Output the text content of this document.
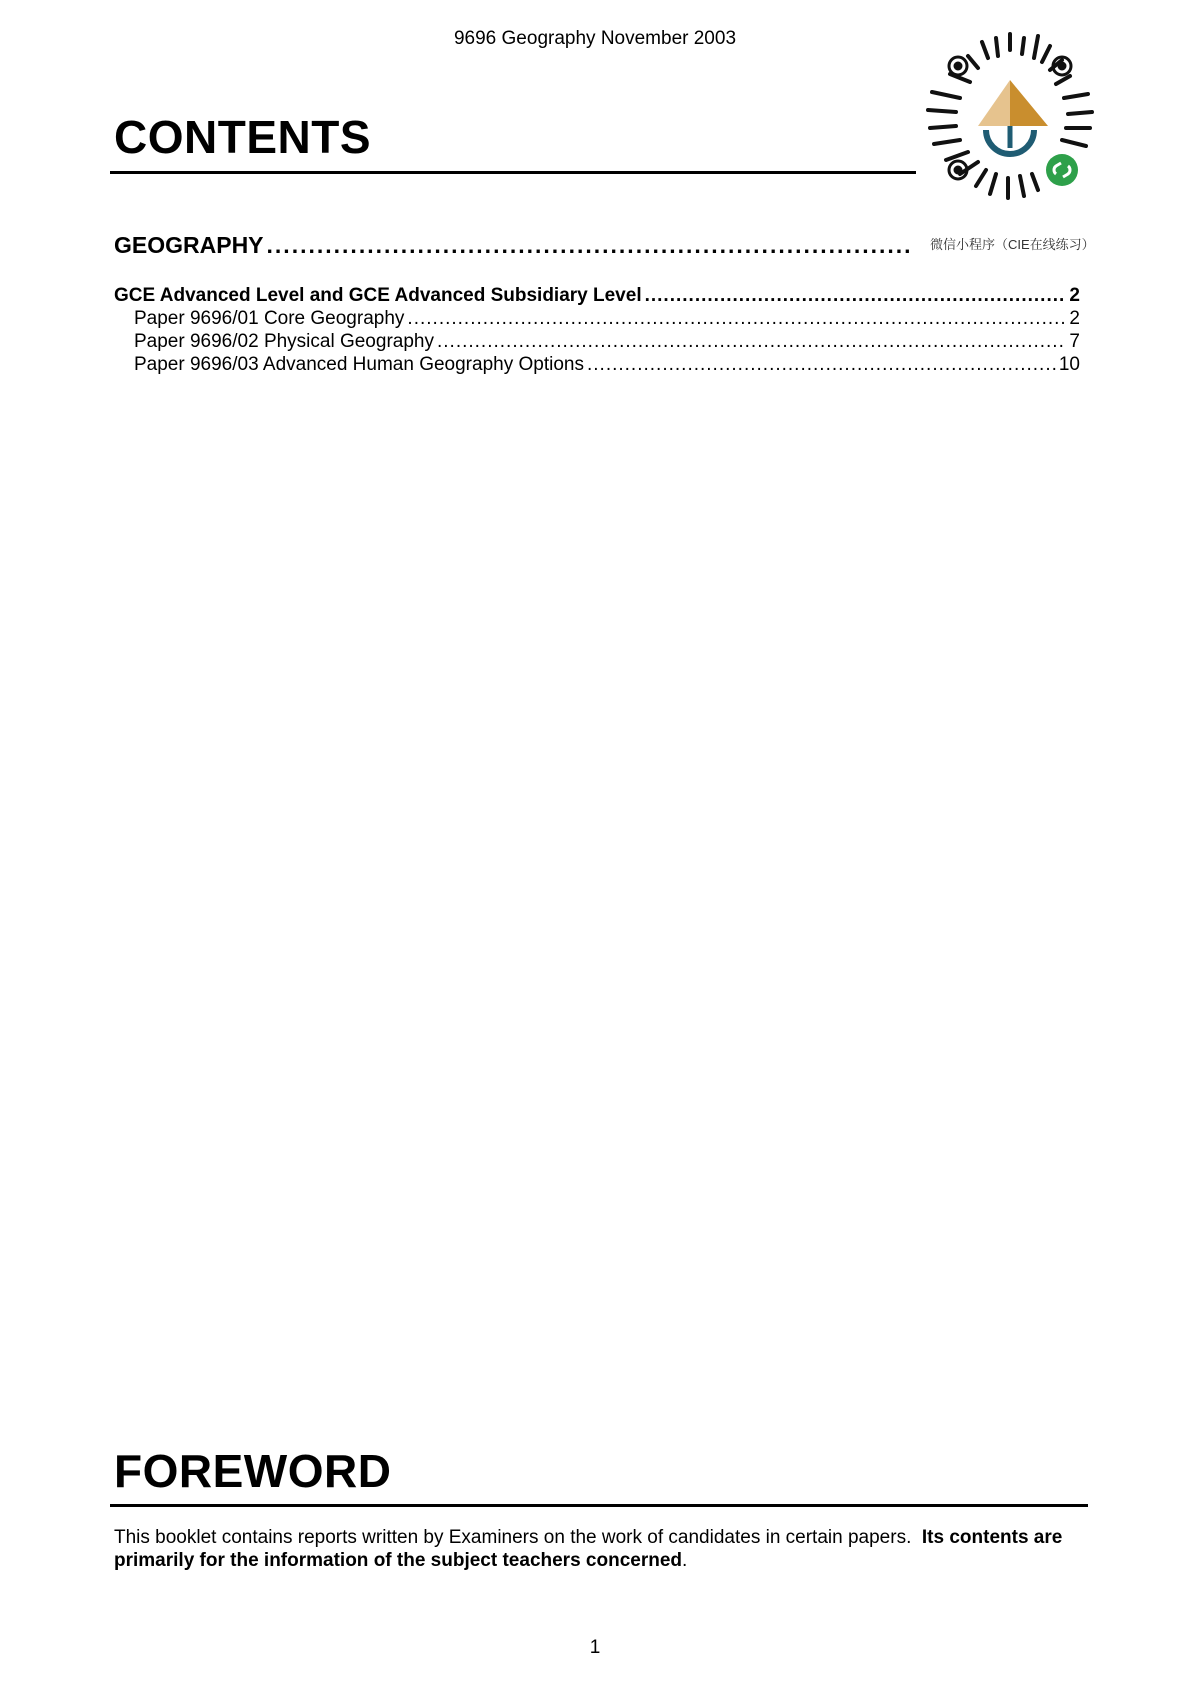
9696 Geography November 2003
微信小程序（CIE在线练习）
CONTENTS
GEOGRAPHY
.....
GCE Advanced Level and GCE Advanced Subsidiary Level .....	2
Paper 9696/01 Core Geography .....	2
Paper 9696/02 Physical Geography .....	7
Paper 9696/03 Advanced Human Geography Options .....	10
FOREWORD
This booklet contains reports written by Examiners on the work of candidates in certain papers. Its contents are primarily for the information of the subject teachers concerned.
1
